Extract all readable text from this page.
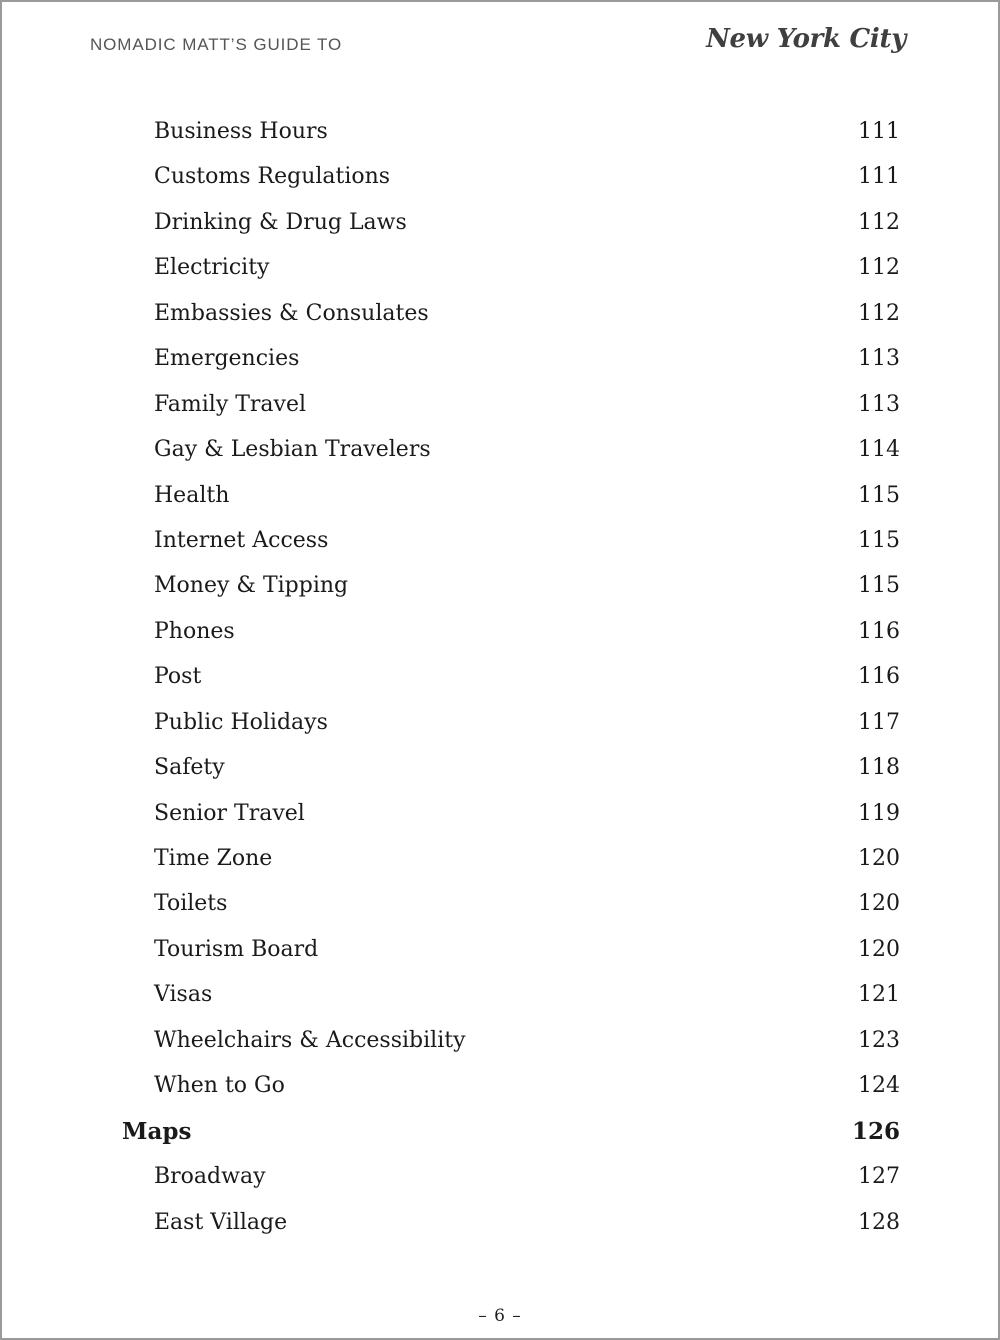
NOMADIC MATT’S GUIDE TO	New York City
Business Hours	111
Customs Regulations	111
Drinking & Drug Laws	112
Electricity	112
Embassies & Consulates	112
Emergencies	113
Family Travel	113
Gay & Lesbian Travelers	114
Health	115
Internet Access	115
Money & Tipping	115
Phones	116
Post	116
Public Holidays	117
Safety	118
Senior Travel	119
Time Zone	120
Toilets	120
Tourism Board	120
Visas	121
Wheelchairs & Accessibility	123
When to Go	124
Maps	126
Broadway	127
East Village	128
– 6 –
